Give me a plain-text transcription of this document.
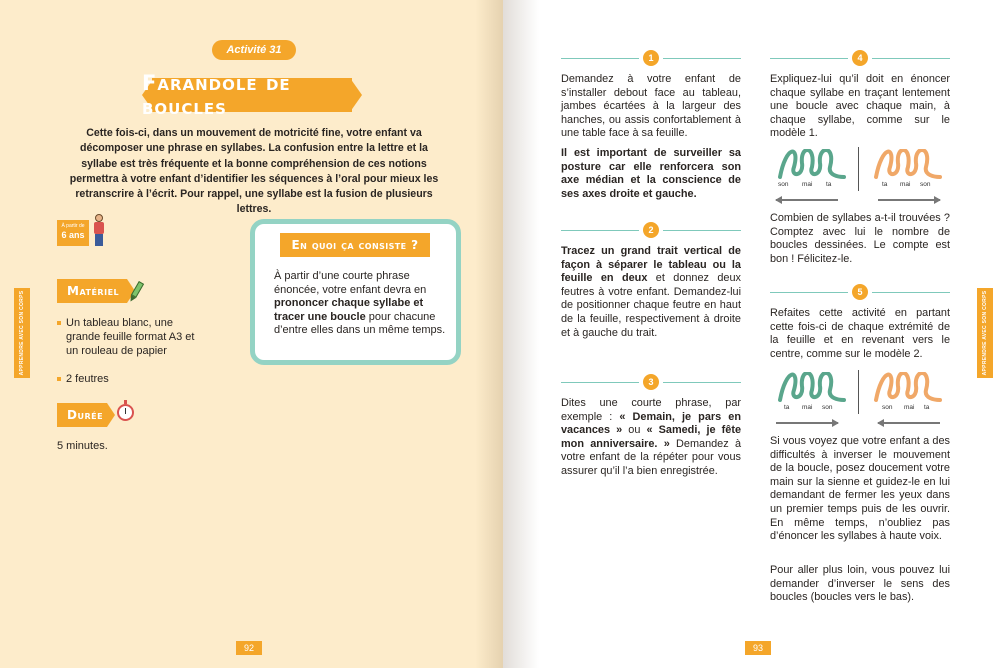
APPRENDRE AVEC SON CORPS
Activité 31
Farandole de boucles

Cette fois-ci, dans un mouvement de motricité fine, votre enfant va décomposer une phrase en syllabes. La confusion entre la lettre et la syllabe est très fréquente et la bonne compréhension de ces notions permettra à votre enfant d’identifier les séquences à l’oral pour mieux les retranscrire à l’écrit. Pour rappel, une syllabe est la fusion de plusieurs lettres.

À partir de
6 ans
Matériel
Un tableau blanc, une grande feuille format A3 et un rouleau de papier
2 feutres
Durée
5 minutes.
En quoi ça consiste ?

À partir d’une courte phrase énoncée, votre enfant devra en prononcer chaque syllabe et tracer une boucle pour chacune d’entre elles dans un même temps.

92
APPRENDRE AVEC SON CORPS
1

Demandez à votre enfant de s’installer debout face au tableau, jambes écartées à la largeur des hanches, ou assis confortablement à une table face à sa feuille.

Il est important de surveiller sa posture car elle renforcera son axe médian et la conscience de ses axes droite et gauche.

2

Tracez un grand trait vertical de façon à séparer le tableau ou la feuille en deux et donnez deux feutres à votre enfant. Demandez-lui de positionner chaque feutre en haut de la feuille, respectivement à droite et à gauche du trait.

3

Dites une courte phrase, par exemple : « Demain, je pars en vacances » ou « Samedi, je fête mon anniversaire. » Demandez à votre enfant de la répéter pour vous assurer qu’il l’a bien enregistrée.

4

Expliquez-lui qu’il doit en énoncer chaque syllabe en traçant lentement une boucle avec chaque main, à chaque syllabe, comme sur le modèle 1.

son mai ta	ta mai son

Combien de syllabes a-t-il trouvées ? Comptez avec lui le nombre de boucles dessinées. Le compte est bon ! Félicitez-le.

5

Refaites cette activité en partant cette fois-ci de chaque extrémité de la feuille et en revenant vers le centre, comme sur le modèle 2.

ta mai son	son mai ta

Si vous voyez que votre enfant a des difficultés à inverser le mouvement de la boucle, posez doucement votre main sur la sienne et guidez-le en lui demandant de fermer les yeux dans un premier temps puis de les ouvrir. En même temps, n’oubliez pas d’énoncer les syllabes à haute voix.

Pour aller plus loin, vous pouvez lui demander d’inverser le sens des boucles (boucles vers le bas).

93
